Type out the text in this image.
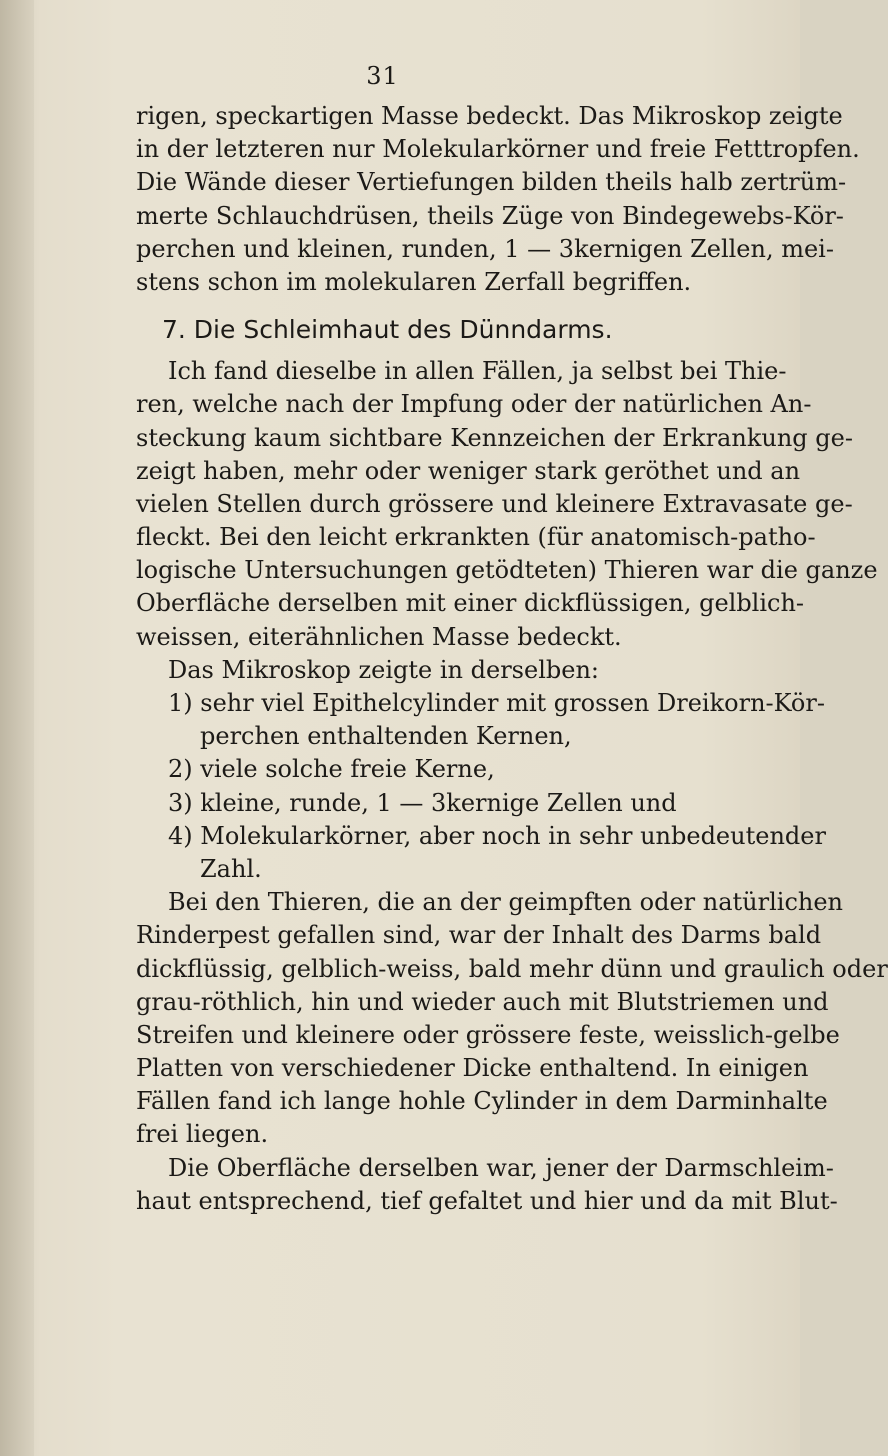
31
rigen, speckartigen Masse bedeckt. Das Mikroskop zeigte
in der letzteren nur Molekularkörner und freie Fetttropfen.
Die Wände dieser Vertiefungen bilden theils halb zertrüm-
merte Schlauchdrüsen, theils Züge von Bindegewebs-Kör-
perchen und kleinen, runden, 1 — 3kernigen Zellen, mei-
stens schon im molekularen Zerfall begriffen.
7. Die Schleimhaut des Dünndarms.
Ich fand dieselbe in allen Fällen, ja selbst bei Thie-
ren, welche nach der Impfung oder der natürlichen An-
steckung kaum sichtbare Kennzeichen der Erkrankung ge-
zeigt haben, mehr oder weniger stark geröthet und an
vielen Stellen durch grössere und kleinere Extravasate ge-
fleckt. Bei den leicht erkrankten (für anatomisch-patho-
logische Untersuchungen getödteten) Thieren war die ganze
Oberfläche derselben mit einer dickflüssigen, gelblich-
weissen, eiterähnlichen Masse bedeckt.
Das Mikroskop zeigte in derselben:
1) sehr viel Epithelcylinder mit grossen Dreikorn-Kör-
perchen enthaltenden Kernen,
2) viele solche freie Kerne,
3) kleine, runde, 1 — 3kernige Zellen und
4) Molekularkörner, aber noch in sehr unbedeutender
Zahl.
Bei den Thieren, die an der geimpften oder natürlichen
Rinderpest gefallen sind, war der Inhalt des Darms bald
dickflüssig, gelblich-weiss, bald mehr dünn und graulich oder
grau-röthlich, hin und wieder auch mit Blutstriemen und
Streifen und kleinere oder grössere feste, weisslich-gelbe
Platten von verschiedener Dicke enthaltend. In einigen
Fällen fand ich lange hohle Cylinder in dem Darminhalte
frei liegen.
Die Oberfläche derselben war, jener der Darmschleim-
haut entsprechend, tief gefaltet und hier und da mit Blut-
